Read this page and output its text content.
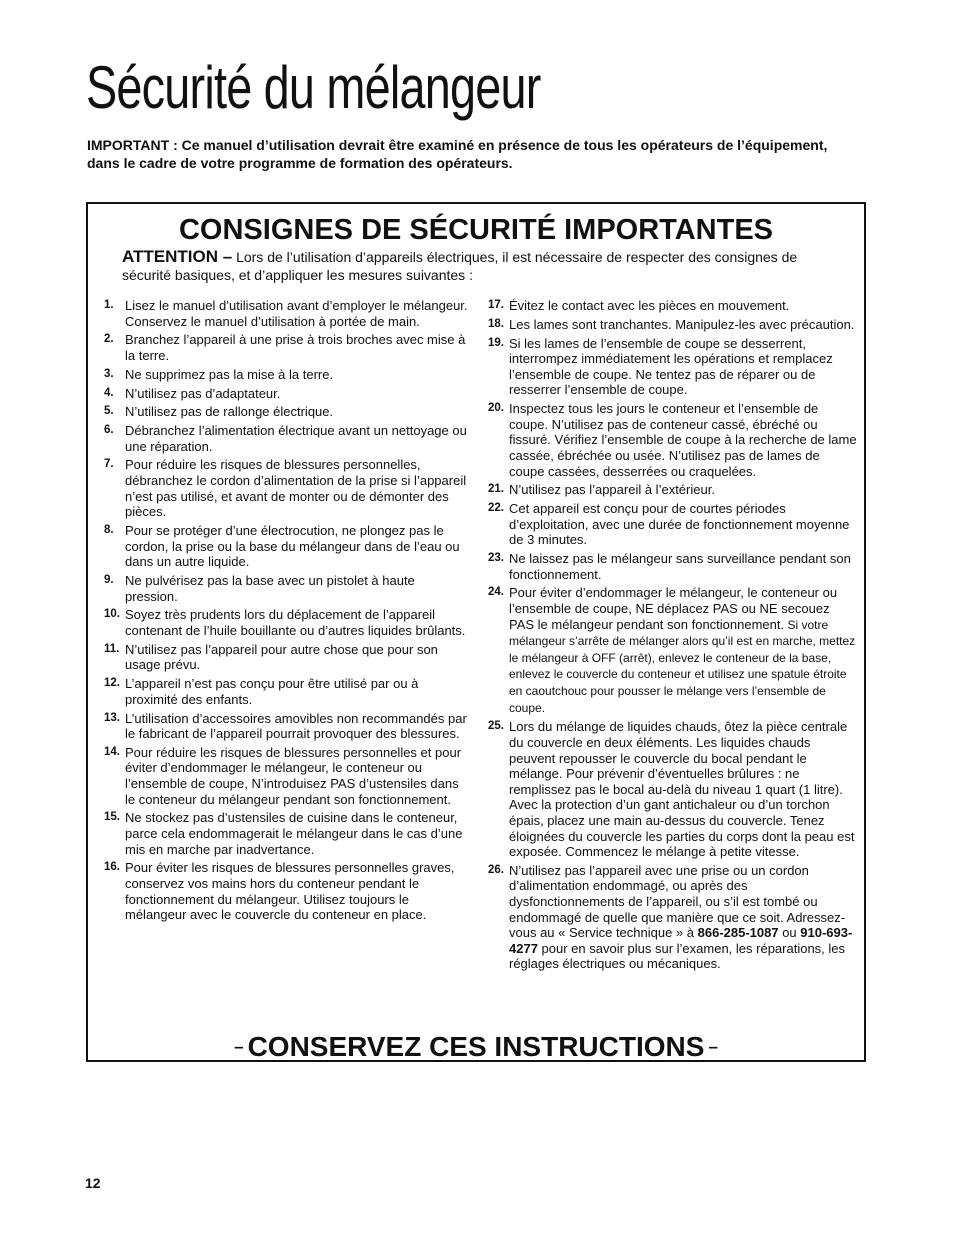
Sécurité du mélangeur

IMPORTANT : Ce manuel d’utilisation devrait être examiné en présence de tous les opérateurs de l’équipement, dans le cadre de votre programme de formation des opérateurs.

CONSIGNES DE SÉCURITÉ IMPORTANTES

ATTENTION – Lors de l’utilisation d’appareils électriques, il est nécessaire de respecter des consignes de sécurité basiques, et d’appliquer les mesures suivantes :

1. Lisez le manuel d’utilisation avant d’employer le mélangeur. Conservez le manuel d’utilisation à portée de main.
2. Branchez l’appareil à une prise à trois broches avec mise à la terre.
3. Ne supprimez pas la mise à la terre.
4. N’utilisez pas d’adaptateur.
5. N’utilisez pas de rallonge électrique.
6. Débranchez l’alimentation électrique avant un nettoyage ou une réparation.
7. Pour réduire les risques de blessures personnelles, débranchez le cordon d’alimentation de la prise si l’appareil n’est pas utilisé, et avant de monter ou de démonter des pièces.
8. Pour se protéger d’une électrocution, ne plongez pas le cordon, la prise ou la base du mélangeur dans de l’eau ou dans un autre liquide.
9. Ne pulvérisez pas la base avec un pistolet à haute pression.
10. Soyez très prudents lors du déplacement de l’appareil contenant de l’huile bouillante ou d’autres liquides brûlants.
11. N’utilisez pas l’appareil pour autre chose que pour son usage prévu.
12. L’appareil n’est pas conçu pour être utilisé par ou à proximité des enfants.
13. L’utilisation d’accessoires amovibles non recommandés par le fabricant de l’appareil pourrait provoquer des blessures.
14. Pour réduire les risques de blessures personnelles et pour éviter d’endommager le mélangeur, le conteneur ou l’ensemble de coupe, N’introduisez PAS d’ustensiles dans le conteneur du mélangeur pendant son fonctionnement.
15. Ne stockez pas d’ustensiles de cuisine dans le conteneur, parce cela endommagerait le mélangeur dans le cas d’une mis en marche par inadvertance.
16. Pour éviter les risques de blessures personnelles graves, conservez vos mains hors du conteneur pendant le fonctionnement du mélangeur. Utilisez toujours le mélangeur avec le couvercle du conteneur en place.
17. Évitez le contact avec les pièces en mouvement.
18. Les lames sont tranchantes. Manipulez-les avec précaution.
19. Si les lames de l’ensemble de coupe se desserrent, interrompez immédiatement les opérations et remplacez l’ensemble de coupe. Ne tentez pas de réparer ou de resserrer l’ensemble de coupe.
20. Inspectez tous les jours le conteneur et l’ensemble de coupe. N’utilisez pas de conteneur cassé, ébréché ou fissuré. Vérifiez l’ensemble de coupe à la recherche de lame cassée, ébréchée ou usée. N’utilisez pas de lames de coupe cassées, desserrées ou craquelées.
21. N’utilisez pas l’appareil à l’extérieur.
22. Cet appareil est conçu pour de courtes périodes d’exploitation, avec une durée de fonctionnement moyenne de 3 minutes.
23. Ne laissez pas le mélangeur sans surveillance pendant son fonctionnement.
24. Pour éviter d’endommager le mélangeur, le conteneur ou l’ensemble de coupe, NE déplacez PAS ou NE secouez PAS le mélangeur pendant son fonctionnement. Si votre mélangeur s’arrête de mélanger alors qu’il est en marche, mettez le mélangeur à OFF (arrêt), enlevez le conteneur de la base, enlevez le couvercle du conteneur et utilisez une spatule étroite en caoutchouc pour pousser le mélange vers l’ensemble de coupe.
25. Lors du mélange de liquides chauds, ôtez la pièce centrale du couvercle en deux éléments. Les liquides chauds peuvent repousser le couvercle du bocal pendant le mélange. Pour prévenir d’éventuelles brûlures : ne remplissez pas le bocal au-delà du niveau 1 quart (1 litre). Avec la protection d’un gant antichaleur ou d’un torchon épais, placez une main au-dessus du couvercle. Tenez éloignées du couvercle les parties du corps dont la peau est exposée. Commencez le mélange à petite vitesse.
26. N’utilisez pas l’appareil avec une prise ou un cordon d’alimentation endommagé, ou après des dysfonctionnements de l’appareil, ou s’il est tombé ou endommagé de quelle que manière que ce soit. Adressez-vous au « Service technique » à 866-285-1087 ou 910-693-4277 pour en savoir plus sur l’examen, les réparations, les réglages électriques ou mécaniques.

– CONSERVEZ CES INSTRUCTIONS –

12
